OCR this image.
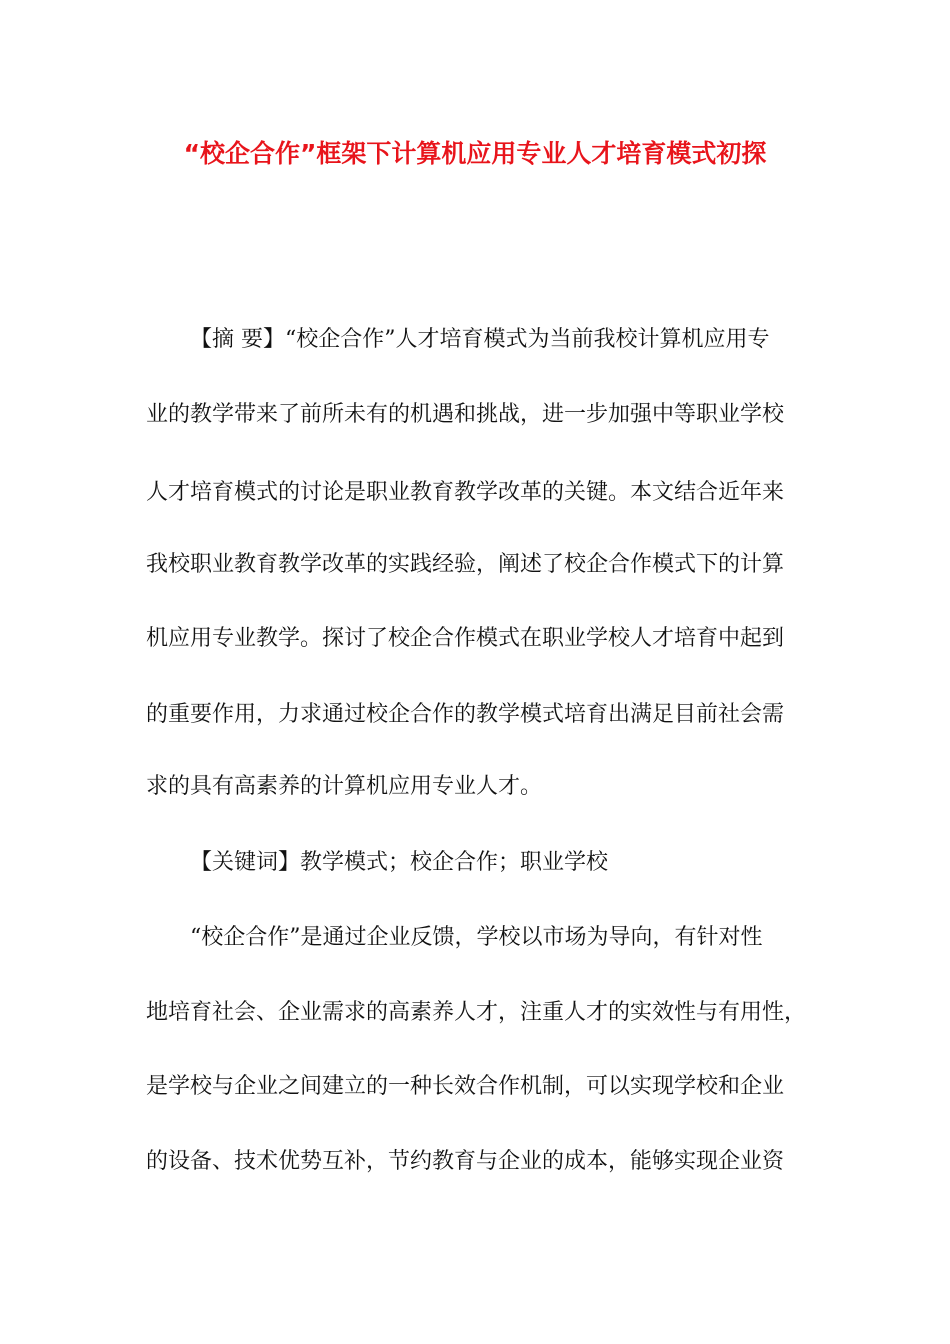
“校企合作”框架下计算机应用专业人才培育模式初探

【摘 要】“校企合作”人才培育模式为当前我校计算机应用专

业的教学带来了前所未有的机遇和挑战，进一步加强中等职业学校

人才培育模式的讨论是职业教育教学改革的关键。本文结合近年来

我校职业教育教学改革的实践经验，阐述了校企合作模式下的计算

机应用专业教学。探讨了校企合作模式在职业学校人才培育中起到

的重要作用，力求通过校企合作的教学模式培育出满足目前社会需

求的具有高素养的计算机应用专业人才。

【关键词】教学模式；校企合作；职业学校

“校企合作”是通过企业反馈，学校以市场为导向，有针对性

地培育社会、企业需求的高素养人才，注重人才的实效性与有用性，

是学校与企业之间建立的一种长效合作机制，可以实现学校和企业

的设备、技术优势互补，节约教育与企业的成本，能够实现企业资
